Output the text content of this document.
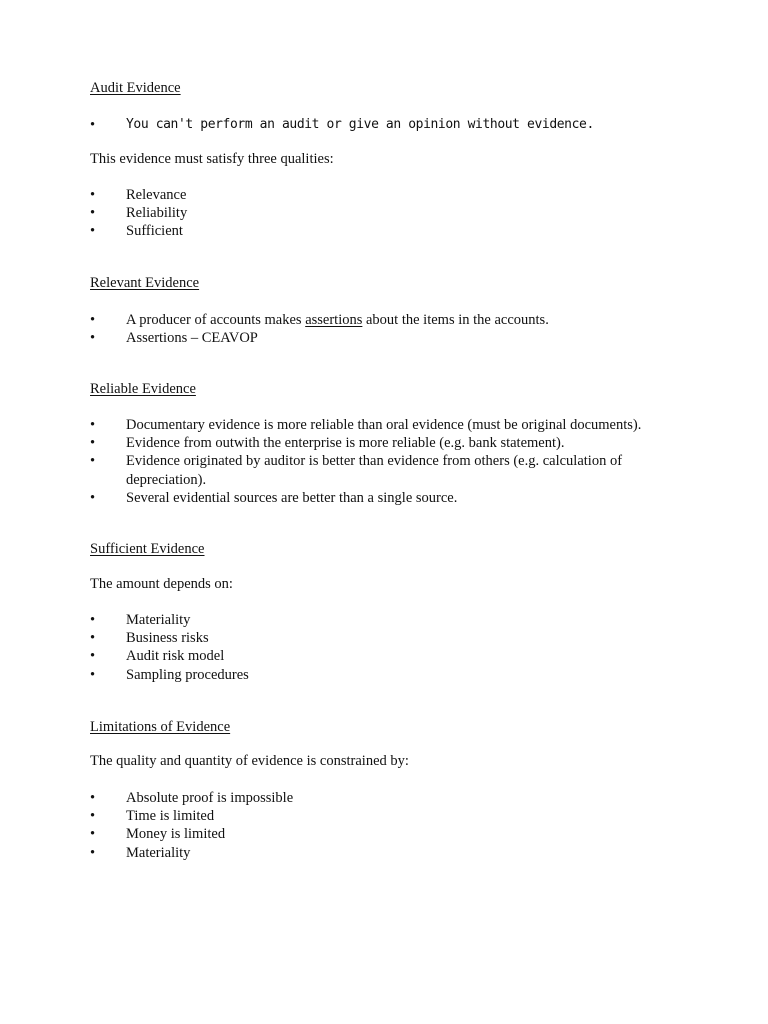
Audit Evidence

• You can't perform an audit or give an opinion without evidence.

This evidence must satisfy three qualities:

• Relevance
• Reliability
• Sufficient

Relevant Evidence

• A producer of accounts makes assertions about the items in the accounts.
• Assertions – CEAVOP

Reliable Evidence

• Documentary evidence is more reliable than oral evidence (must be original documents).
• Evidence from outwith the enterprise is more reliable (e.g. bank statement).
• Evidence originated by auditor is better than evidence from others (e.g. calculation of depreciation).
• Several evidential sources are better than a single source.

Sufficient Evidence

The amount depends on:

• Materiality
• Business risks
• Audit risk model
• Sampling procedures

Limitations of Evidence

The quality and quantity of evidence is constrained by:

• Absolute proof is impossible
• Time is limited
• Money is limited
• Materiality
